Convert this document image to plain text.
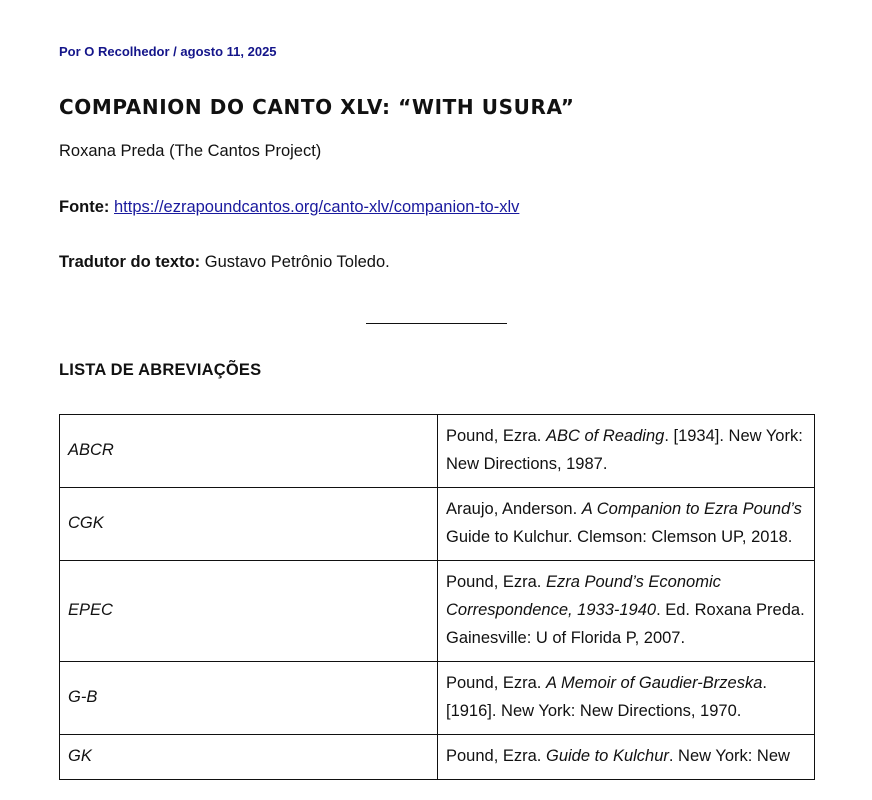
Por O Recolhedor / agosto 11, 2025
COMPANION DO CANTO XLV: “WITH USURA”

Roxana Preda (The Cantos Project)

Fonte: https://ezrapoundcantos.org/canto-xlv/companion-to-xlv

Tradutor do texto: Gustavo Petrônio Toledo.

LISTA DE ABREVIAÇÕES
ABCR	Pound, Ezra. ABC of Reading. [1934]. New York: New Directions, 1987.
CGK	Araujo, Anderson. A Companion to Ezra Pound’s Guide to Kulchur. Clemson: Clemson UP, 2018.
EPEC	Pound, Ezra. Ezra Pound’s Economic Correspondence, 1933-1940. Ed. Roxana Preda. Gainesville: U of Florida P, 2007.
G-B	Pound, Ezra. A Memoir of Gaudier-Brzeska. [1916]. New York: New Directions, 1970.
GK	Pound, Ezra. Guide to Kulchur. New York: New
